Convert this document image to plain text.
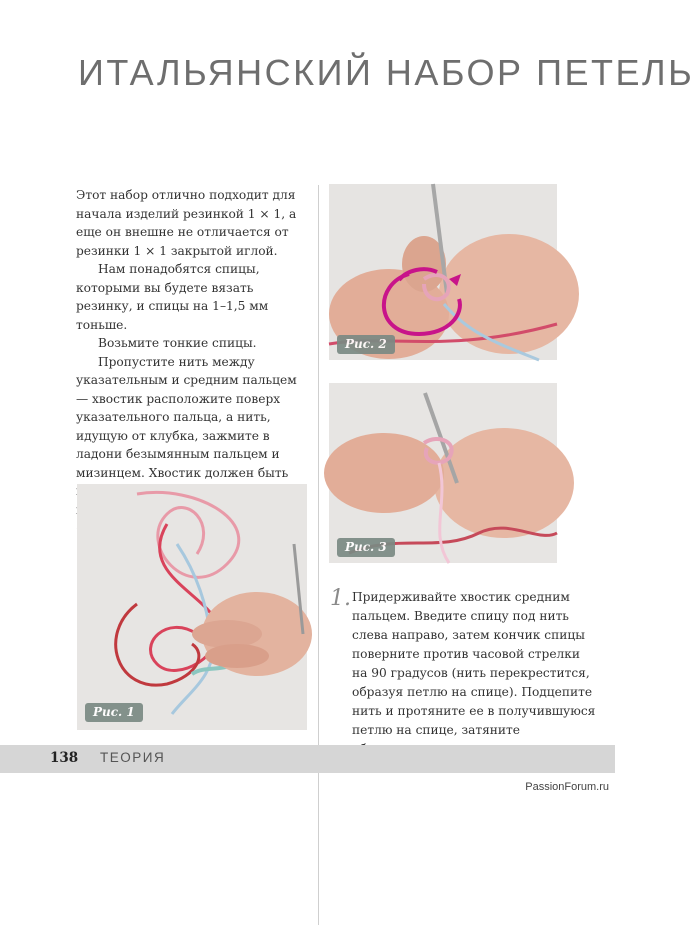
ИТАЛЬЯНСКИЙ НАБОР ПЕТЕЛЬ

Этот набор отлично подходит для начала изделий резинкой 1 × 1, а еще он внешне не отличается от резинки 1 × 1 закрытой иглой.

Нам понадобятся спицы, которыми вы будете вязать резинку, и спицы на 1–1,5 мм тоньше.

Возьмите тонкие спицы.

Пропустите нить между указательным и средним пальцем — хвостик расположите поверх указательного пальца, а нить, идущую от клубка, зажмите в ладони безымянным пальцем и мизинцем. Хвостик должен быть

Рис. 1
Рис. 2
Рис. 3
1. Придерживайте хвостик средним пальцем. Введите спицу под нить слева направо, затем кончик спицы поверните против часовой стрелки на 90 градусов (нить перекрестится, образуя петлю на спице). Подцепите нить и протяните ее в получившуюся петлю на спице, затяните
138 ТЕОРИЯ
PassionForum.ru
